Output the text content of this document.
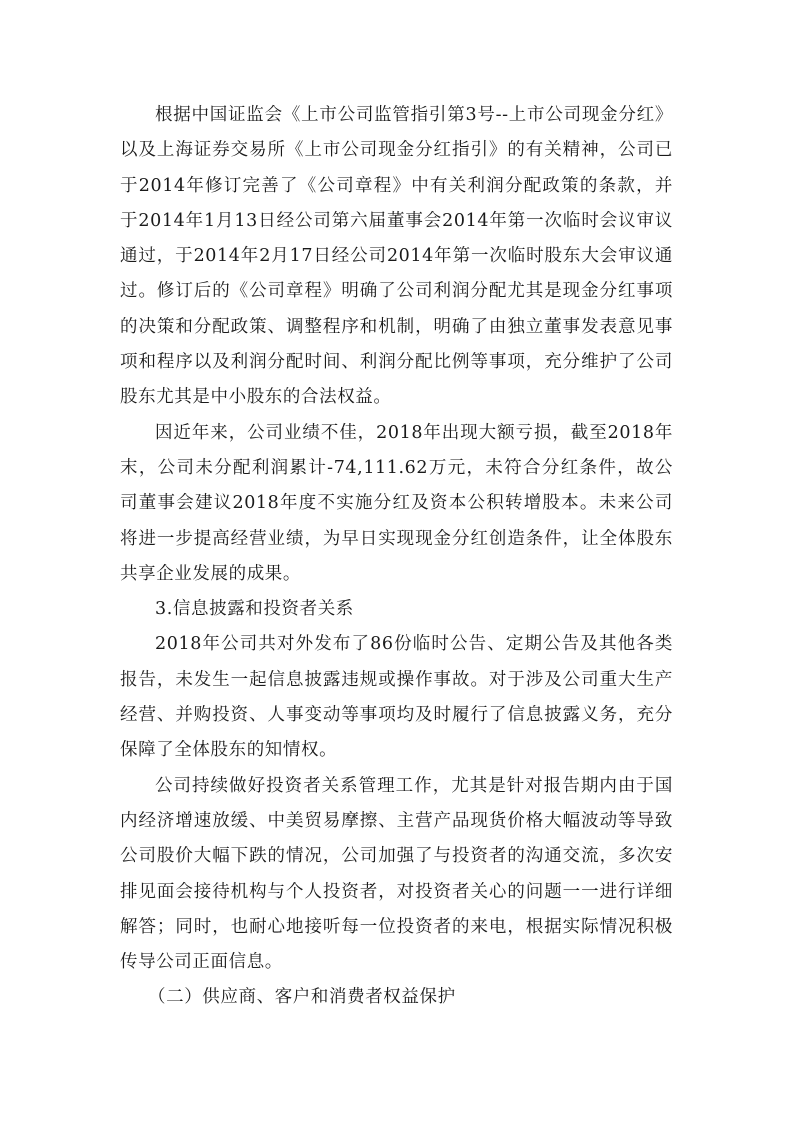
根据中国证监会《上市公司监管指引第3号--上市公司现金分红》以及上海证券交易所《上市公司现金分红指引》的有关精神，公司已于2014年修订完善了《公司章程》中有关利润分配政策的条款，并于2014年1月13日经公司第六届董事会2014年第一次临时会议审议通过，于2014年2月17日经公司2014年第一次临时股东大会审议通过。修订后的《公司章程》明确了公司利润分配尤其是现金分红事项的决策和分配政策、调整程序和机制，明确了由独立董事发表意见事项和程序以及利润分配时间、利润分配比例等事项，充分维护了公司股东尤其是中小股东的合法权益。

因近年来，公司业绩不佳，2018年出现大额亏损，截至2018年末，公司未分配利润累计-74,111.62万元，未符合分红条件，故公司董事会建议2018年度不实施分红及资本公积转增股本。未来公司将进一步提高经营业绩，为早日实现现金分红创造条件，让全体股东共享企业发展的成果。

3.信息披露和投资者关系

2018年公司共对外发布了86份临时公告、定期公告及其他各类报告，未发生一起信息披露违规或操作事故。对于涉及公司重大生产经营、并购投资、人事变动等事项均及时履行了信息披露义务，充分保障了全体股东的知情权。

公司持续做好投资者关系管理工作，尤其是针对报告期内由于国内经济增速放缓、中美贸易摩擦、主营产品现货价格大幅波动等导致公司股价大幅下跌的情况，公司加强了与投资者的沟通交流，多次安排见面会接待机构与个人投资者，对投资者关心的问题一一进行详细解答；同时，也耐心地接听每一位投资者的来电，根据实际情况积极传导公司正面信息。

（二）供应商、客户和消费者权益保护
